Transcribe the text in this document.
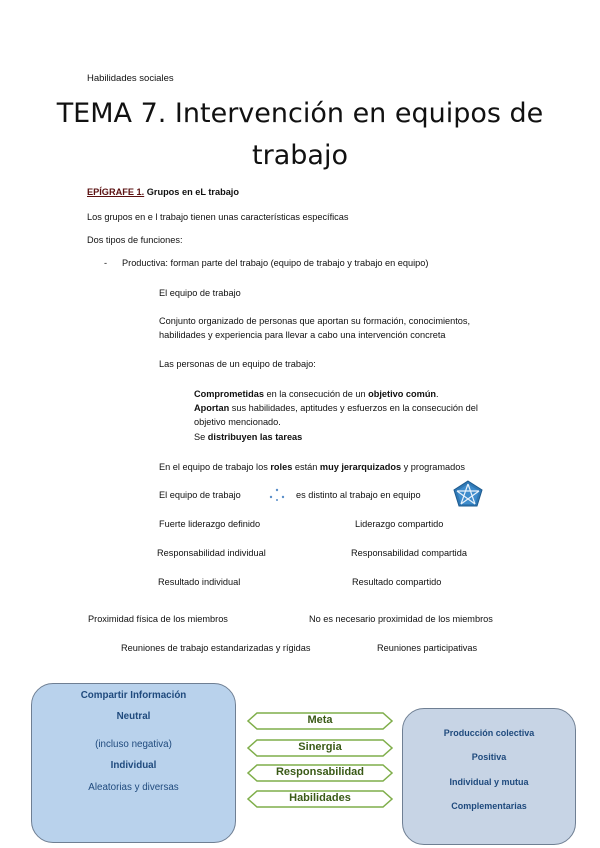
Habilidades sociales
TEMA 7. Intervención en equipos de
trabajo
EPÍGRAFE 1. Grupos en eL trabajo
Los grupos en e l trabajo tienen unas características específicas
Dos tipos de funciones:
- Productiva: forman parte del trabajo (equipo de trabajo y trabajo en equipo)
El equipo de trabajo
Conjunto organizado de personas que aportan su formación, conocimientos,
habilidades y experiencia para llevar a cabo una intervención concreta
Las personas de un equipo de trabajo:
Comprometidas en la consecución de un objetivo común.
Aportan sus habilidades, aptitudes y esfuerzos en la consecución del
objetivo mencionado.
Se distribuyen las tareas
En el equipo de trabajo los roles están muy jerarquizados y programados
El equipo de trabajo	es distinto al trabajo en equipo
Fuerte liderazgo definido	Liderazgo compartido
Responsabilidad individual	Responsabilidad compartida
Resultado individual	Resultado compartido
Proximidad física de los miembros	No es necesario proximidad de los miembros
Reuniones de trabajo estandarizadas y rígidas	Reuniones participativas
Compartir Información
Neutral
(incluso negativa)
Individual
Aleatorias y diversas
Meta
Sinergia
Responsabilidad
Habilidades
Producción colectiva
Positiva
Individual y mutua
Complementarias
